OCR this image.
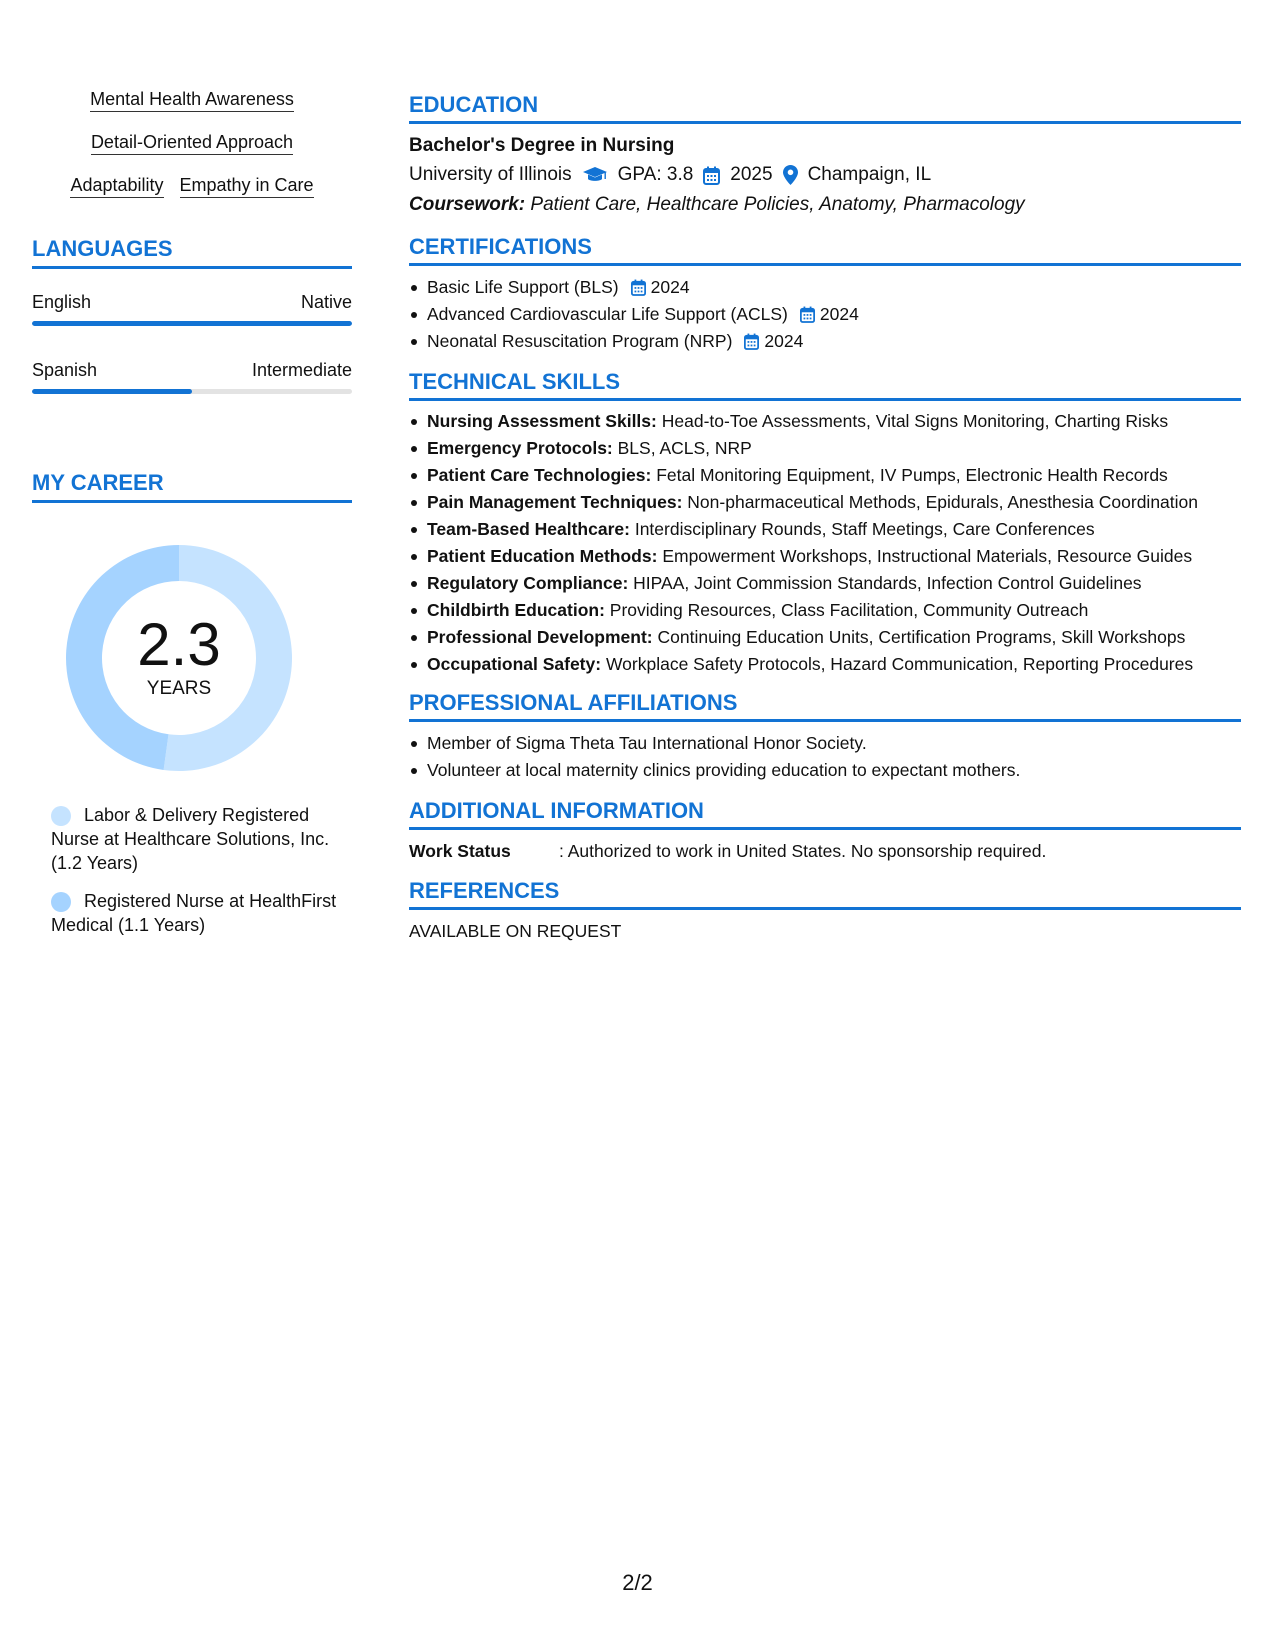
Mental Health Awareness
Detail-Oriented Approach
Adaptability Empathy in Care
LANGUAGES
English	Native
Spanish	Intermediate
MY CAREER
2.3
YEARS
Labor & Delivery Registered Nurse at Healthcare Solutions, Inc. (1.2 Years)
Registered Nurse at HealthFirst Medical (1.1 Years)
EDUCATION
Bachelor's Degree in Nursing
University of Illinois GPA: 3.8 2025 Champaign, IL
Coursework: Patient Care, Healthcare Policies, Anatomy, Pharmacology
CERTIFICATIONS
Basic Life Support (BLS) 2024
Advanced Cardiovascular Life Support (ACLS) 2024
Neonatal Resuscitation Program (NRP) 2024
TECHNICAL SKILLS
Nursing Assessment Skills: Head-to-Toe Assessments, Vital Signs Monitoring, Charting Risks
Emergency Protocols: BLS, ACLS, NRP
Patient Care Technologies: Fetal Monitoring Equipment, IV Pumps, Electronic Health Records
Pain Management Techniques: Non-pharmaceutical Methods, Epidurals, Anesthesia Coordination
Team-Based Healthcare: Interdisciplinary Rounds, Staff Meetings, Care Conferences
Patient Education Methods: Empowerment Workshops, Instructional Materials, Resource Guides
Regulatory Compliance: HIPAA, Joint Commission Standards, Infection Control Guidelines
Childbirth Education: Providing Resources, Class Facilitation, Community Outreach
Professional Development: Continuing Education Units, Certification Programs, Skill Workshops
Occupational Safety: Workplace Safety Protocols, Hazard Communication, Reporting Procedures
PROFESSIONAL AFFILIATIONS
Member of Sigma Theta Tau International Honor Society.
Volunteer at local maternity clinics providing education to expectant mothers.
ADDITIONAL INFORMATION
Work Status	: Authorized to work in United States. No sponsorship required.
REFERENCES
AVAILABLE ON REQUEST
2/2
